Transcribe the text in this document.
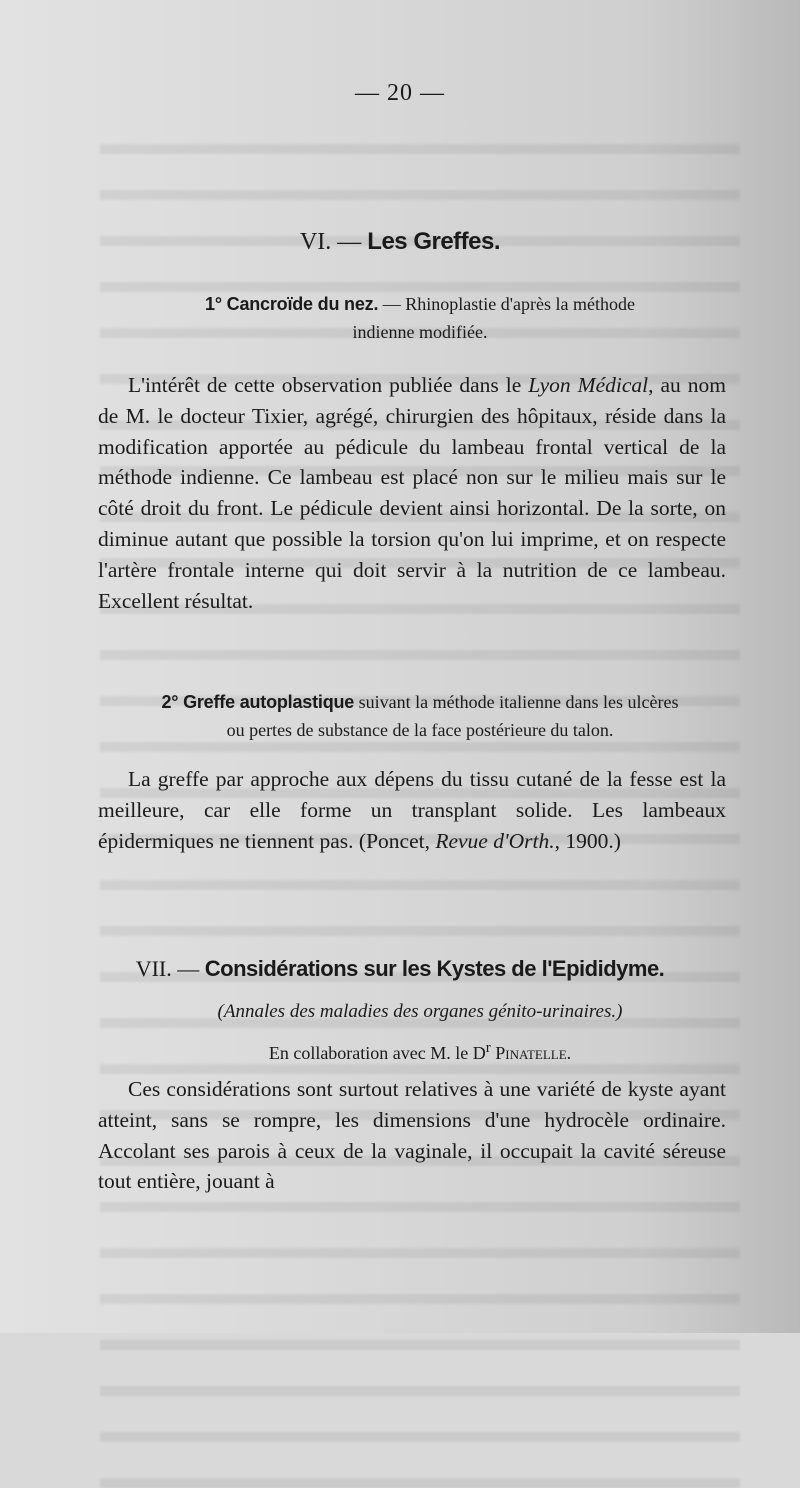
— 20 —
VI. — Les Greffes.
1° Cancroïde du nez. — Rhinoplastie d'après la méthode
indienne modifiée.
L'intérêt de cette observation publiée dans le Lyon Médical, au nom de M. le docteur Tixier, agrégé, chirurgien des hôpitaux, réside dans la modification apportée au pédicule du lambeau frontal vertical de la méthode indienne. Ce lambeau est placé non sur le milieu mais sur le côté droit du front. Le pédicule devient ainsi horizontal. De la sorte, on diminue autant que possible la torsion qu'on lui imprime, et on respecte l'artère frontale interne qui doit servir à la nutrition de ce lambeau. Excellent résultat.
2° Greffe autoplastique suivant la méthode italienne dans les ulcères
ou pertes de substance de la face postérieure du talon.
La greffe par approche aux dépens du tissu cutané de la fesse est la meilleure, car elle forme un transplant solide. Les lambeaux épidermiques ne tiennent pas. (Poncet, Revue d'Orth., 1900.)
VII. — Considérations sur les Kystes de l'Epididyme.
(Annales des maladies des organes génito-urinaires.)
En collaboration avec M. le $D^r$ Pinatelle.
Ces considérations sont surtout relatives à une variété de kyste ayant atteint, sans se rompre, les dimensions d'une hydrocèle ordinaire. Accolant ses parois à ceux de la vaginale, il occupait la cavité séreuse tout entière, jouant à
